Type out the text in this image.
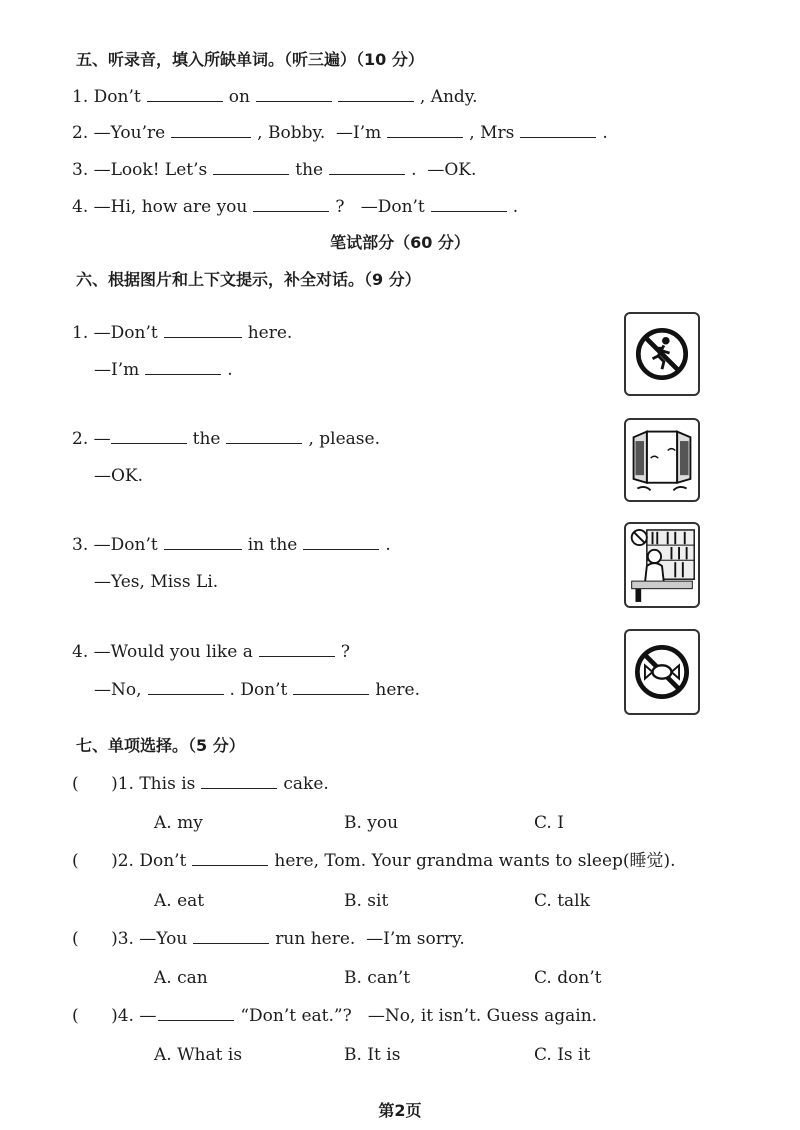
五、听录音，填入所缺单词。（听三遍）（10 分）
1. Don’t	on	, Andy.
2. —You’re	, Bobby. —I’m	, Mrs	.
3. —Look! Let’s	the	. —OK.
4. —Hi, how are you	? —Don’t	.
笔试部分（60 分）
六、根据图片和上下文提示，补全对话。（9 分）
1. —Don’t	here.
—I’m	.
2. —	the	, please.
—OK.
3. —Don’t	in the	.
—Yes, Miss Li.
4. —Would you like a	?
—No,	. Don’t	here.
七、单项选择。（5 分）
( )1. This is	cake.
A. my	B. you	C. I
( )2. Don’t	here, Tom. Your grandma wants to sleep(睡觉).
A. eat	B. sit	C. talk
( )3. —You	run here.  —I’m sorry.
A. can	B. can’t	C. don’t
( )4. —	“Don’t eat.”?   —No, it isn’t. Guess again.
A. What is	B. It is	C. Is it
第2页
